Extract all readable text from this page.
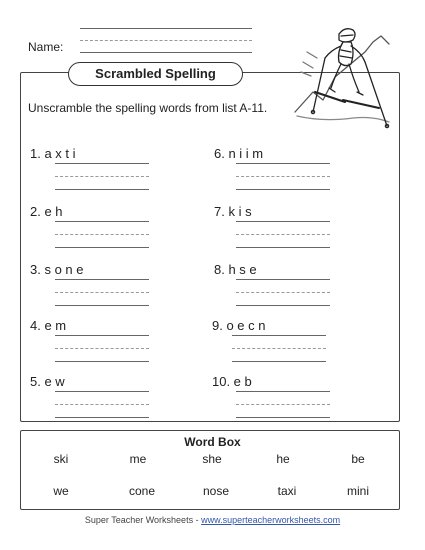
Name:
Scrambled Spelling
Unscramble the spelling words from list A-11.
1. a x t i
2. e h
3. s o n e
4. e m
5. e w
6. n i i m
7. k i s
8. h s e
9. o e c n
10. e b
Word Box
ski	me	she	he	be
we	cone	nose	taxi	mini
Super Teacher Worksheets - www.superteacherworksheets.com
